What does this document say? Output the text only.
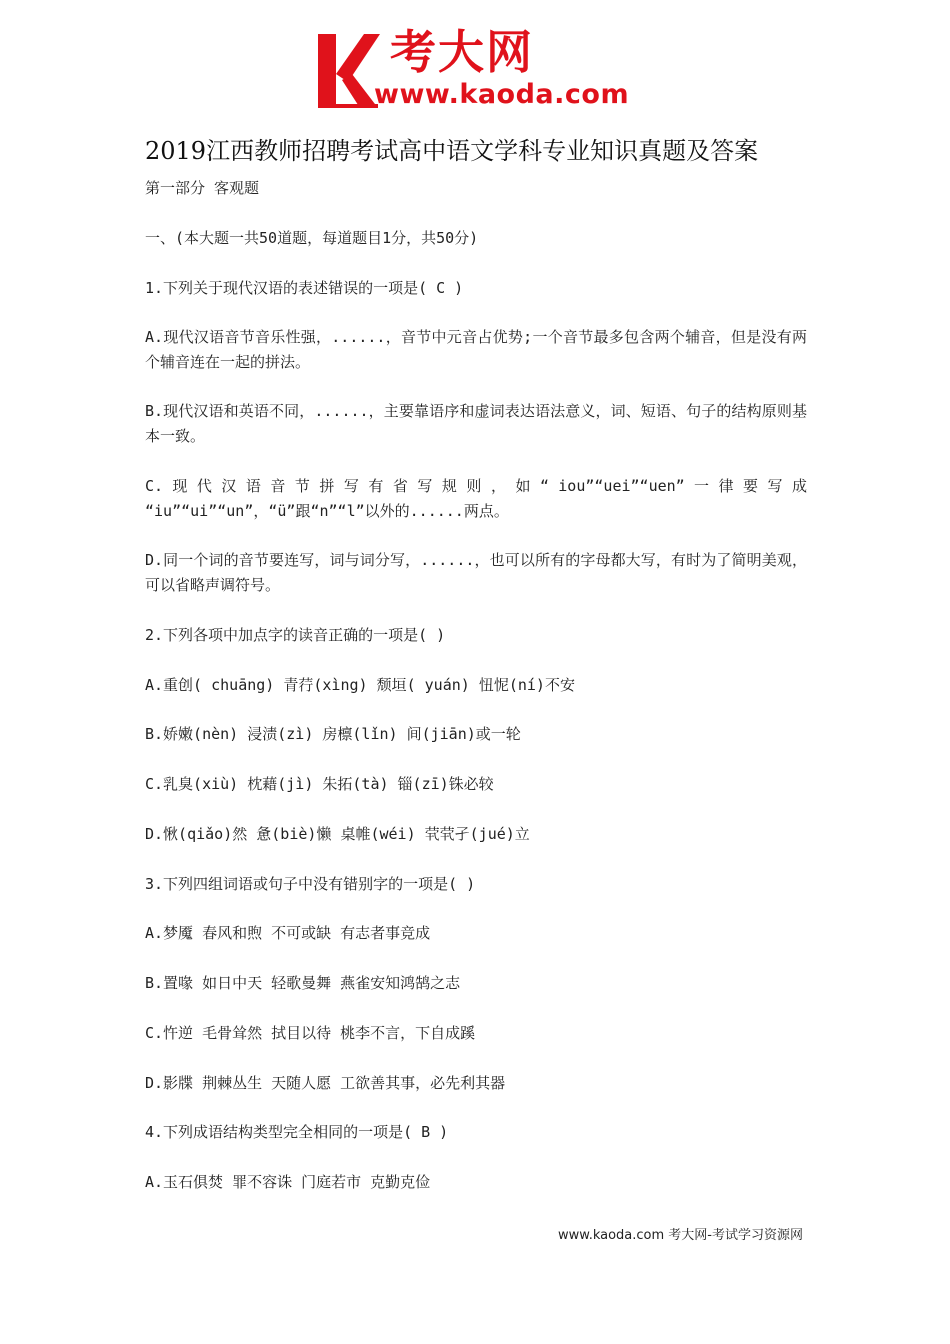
考大网
www.kaoda.com
2019江西教师招聘考试高中语文学科专业知识真题及答案
第一部分 客观题
一、(本大题一共50道题，每道题目1分，共50分)
1.下列关于现代汉语的表述错误的一项是( C )
A.现代汉语音节音乐性强，......，音节中元音占优势;一个音节最多包含两个辅音，但是没有两个辅音连在一起的拼法。
B.现代汉语和英语不同，......，主要靠语序和虚词表达语法意义，词、短语、句子的结构原则基本一致。
C. 现 代 汉 语 音 节 拼 写 有 省 写 规 则 ， 如 “ iou”“uei”“uen” 一 律 要 写 成 “iu”“ui”“un”，“ü”跟“n”“l”以外的......两点。
D.同一个词的音节要连写，词与词分写，......，也可以所有的字母都大写，有时为了简明美观，可以省略声调符号。
2.下列各项中加点字的读音正确的一项是( )
A.重创( chuāng) 青荇(xìng) 颓垣( yuán) 忸怩(ní)不安
B.娇嫩(nèn) 浸渍(zì) 房檩(lǐn) 间(jiān)或一轮
C.乳臭(xiù) 枕藉(jì) 朱拓(tà) 锱(zī)铢必较
D.愀(qiǎo)然 惫(biè)懒 桌帷(wéi) 茕茕孑(jué)立
3.下列四组词语或句子中没有错别字的一项是( )
A.梦魇 春风和煦 不可或缺 有志者事竞成
B.置喙 如日中天 轻歌曼舞 燕雀安知鸿鹄之志
C.忤逆 毛骨耸然 拭目以待 桃李不言，下自成蹊
D.影牒 荆棘丛生 天随人愿 工欲善其事，必先利其器
4.下列成语结构类型完全相同的一项是( B )
A.玉石俱焚 罪不容诛 门庭若市 克勤克俭
www.kaoda.com 考大网-考试学习资源网
